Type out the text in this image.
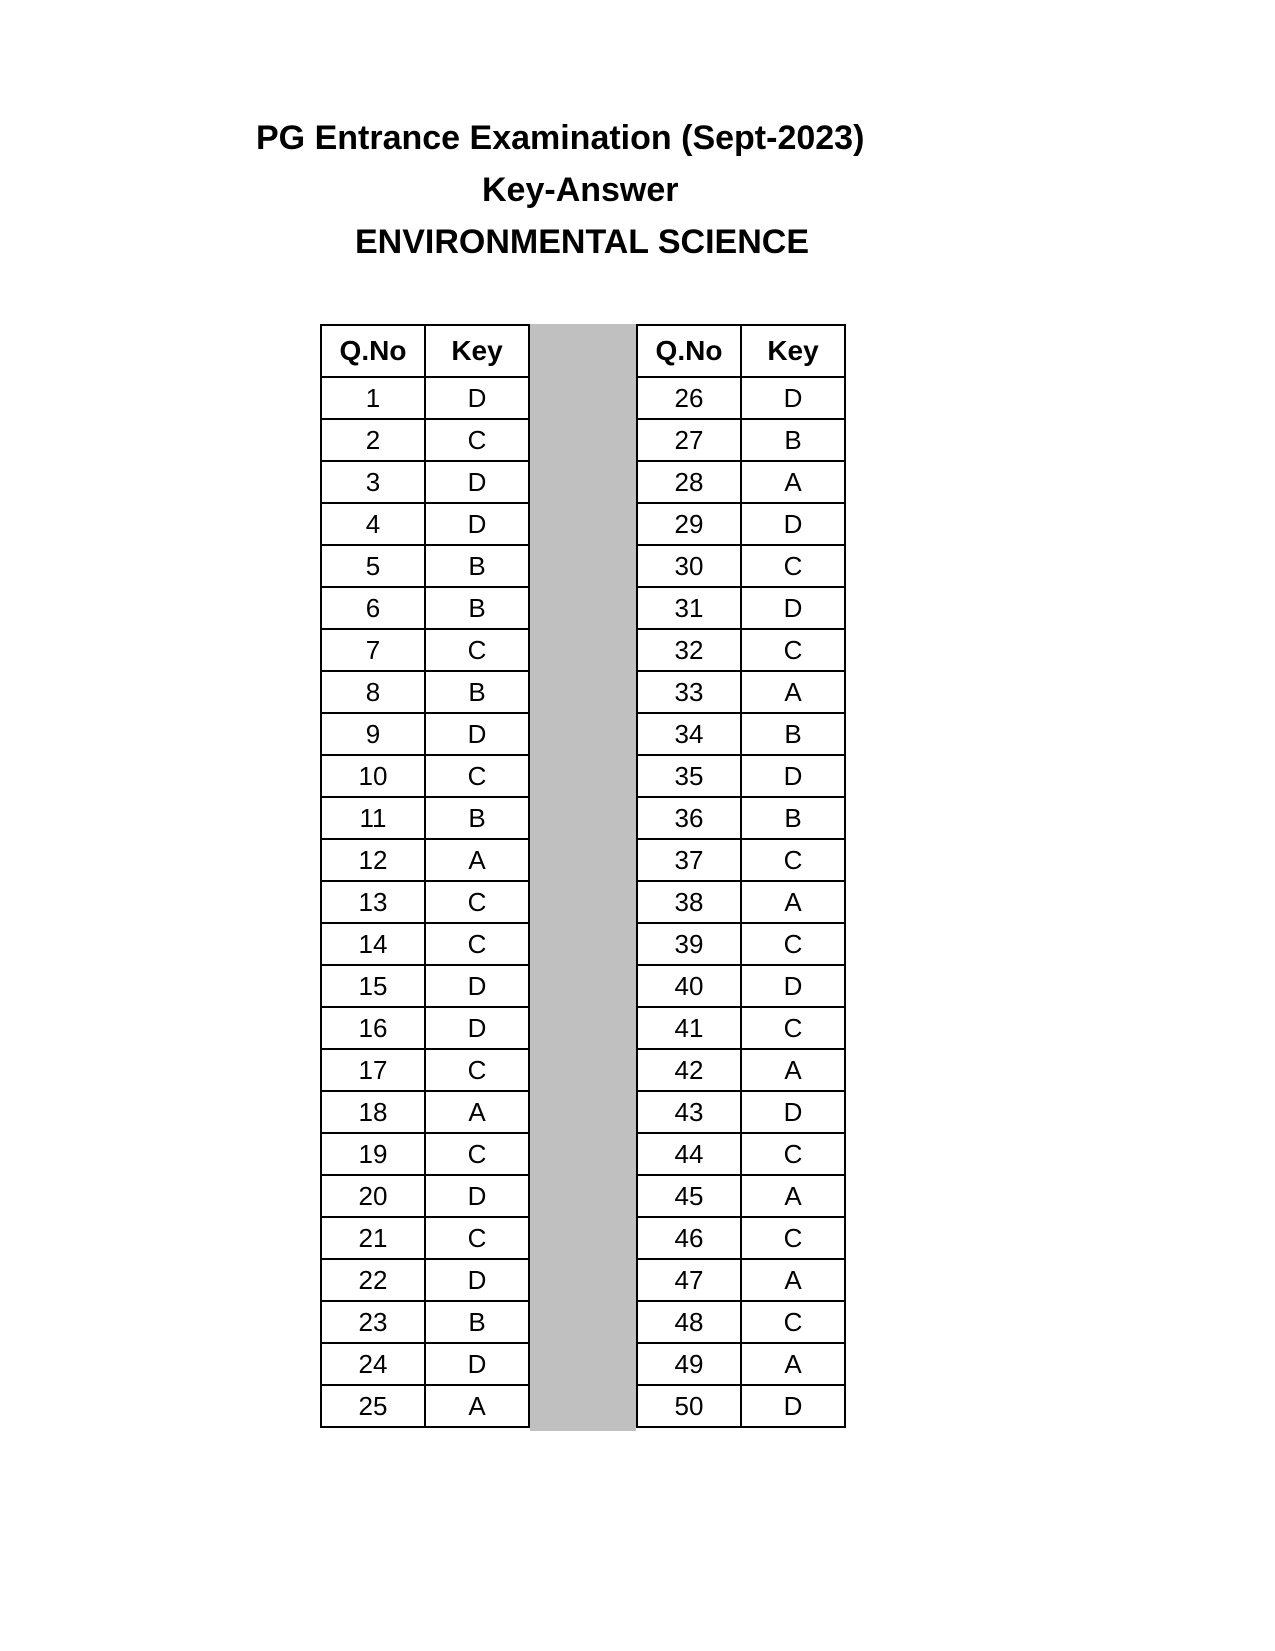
PG Entrance Examination (Sept-2023)
Key-Answer
ENVIRONMENTAL SCIENCE
Q.No	Key
1	D
2	C
3	D
4	D
5	B
6	B
7	C
8	B
9	D
10	C
11	B
12	A
13	C
14	C
15	D
16	D
17	C
18	A
19	C
20	D
21	C
22	D
23	B
24	D
25	A
Q.No	Key
26	D
27	B
28	A
29	D
30	C
31	D
32	C
33	A
34	B
35	D
36	B
37	C
38	A
39	C
40	D
41	C
42	A
43	D
44	C
45	A
46	C
47	A
48	C
49	A
50	D
